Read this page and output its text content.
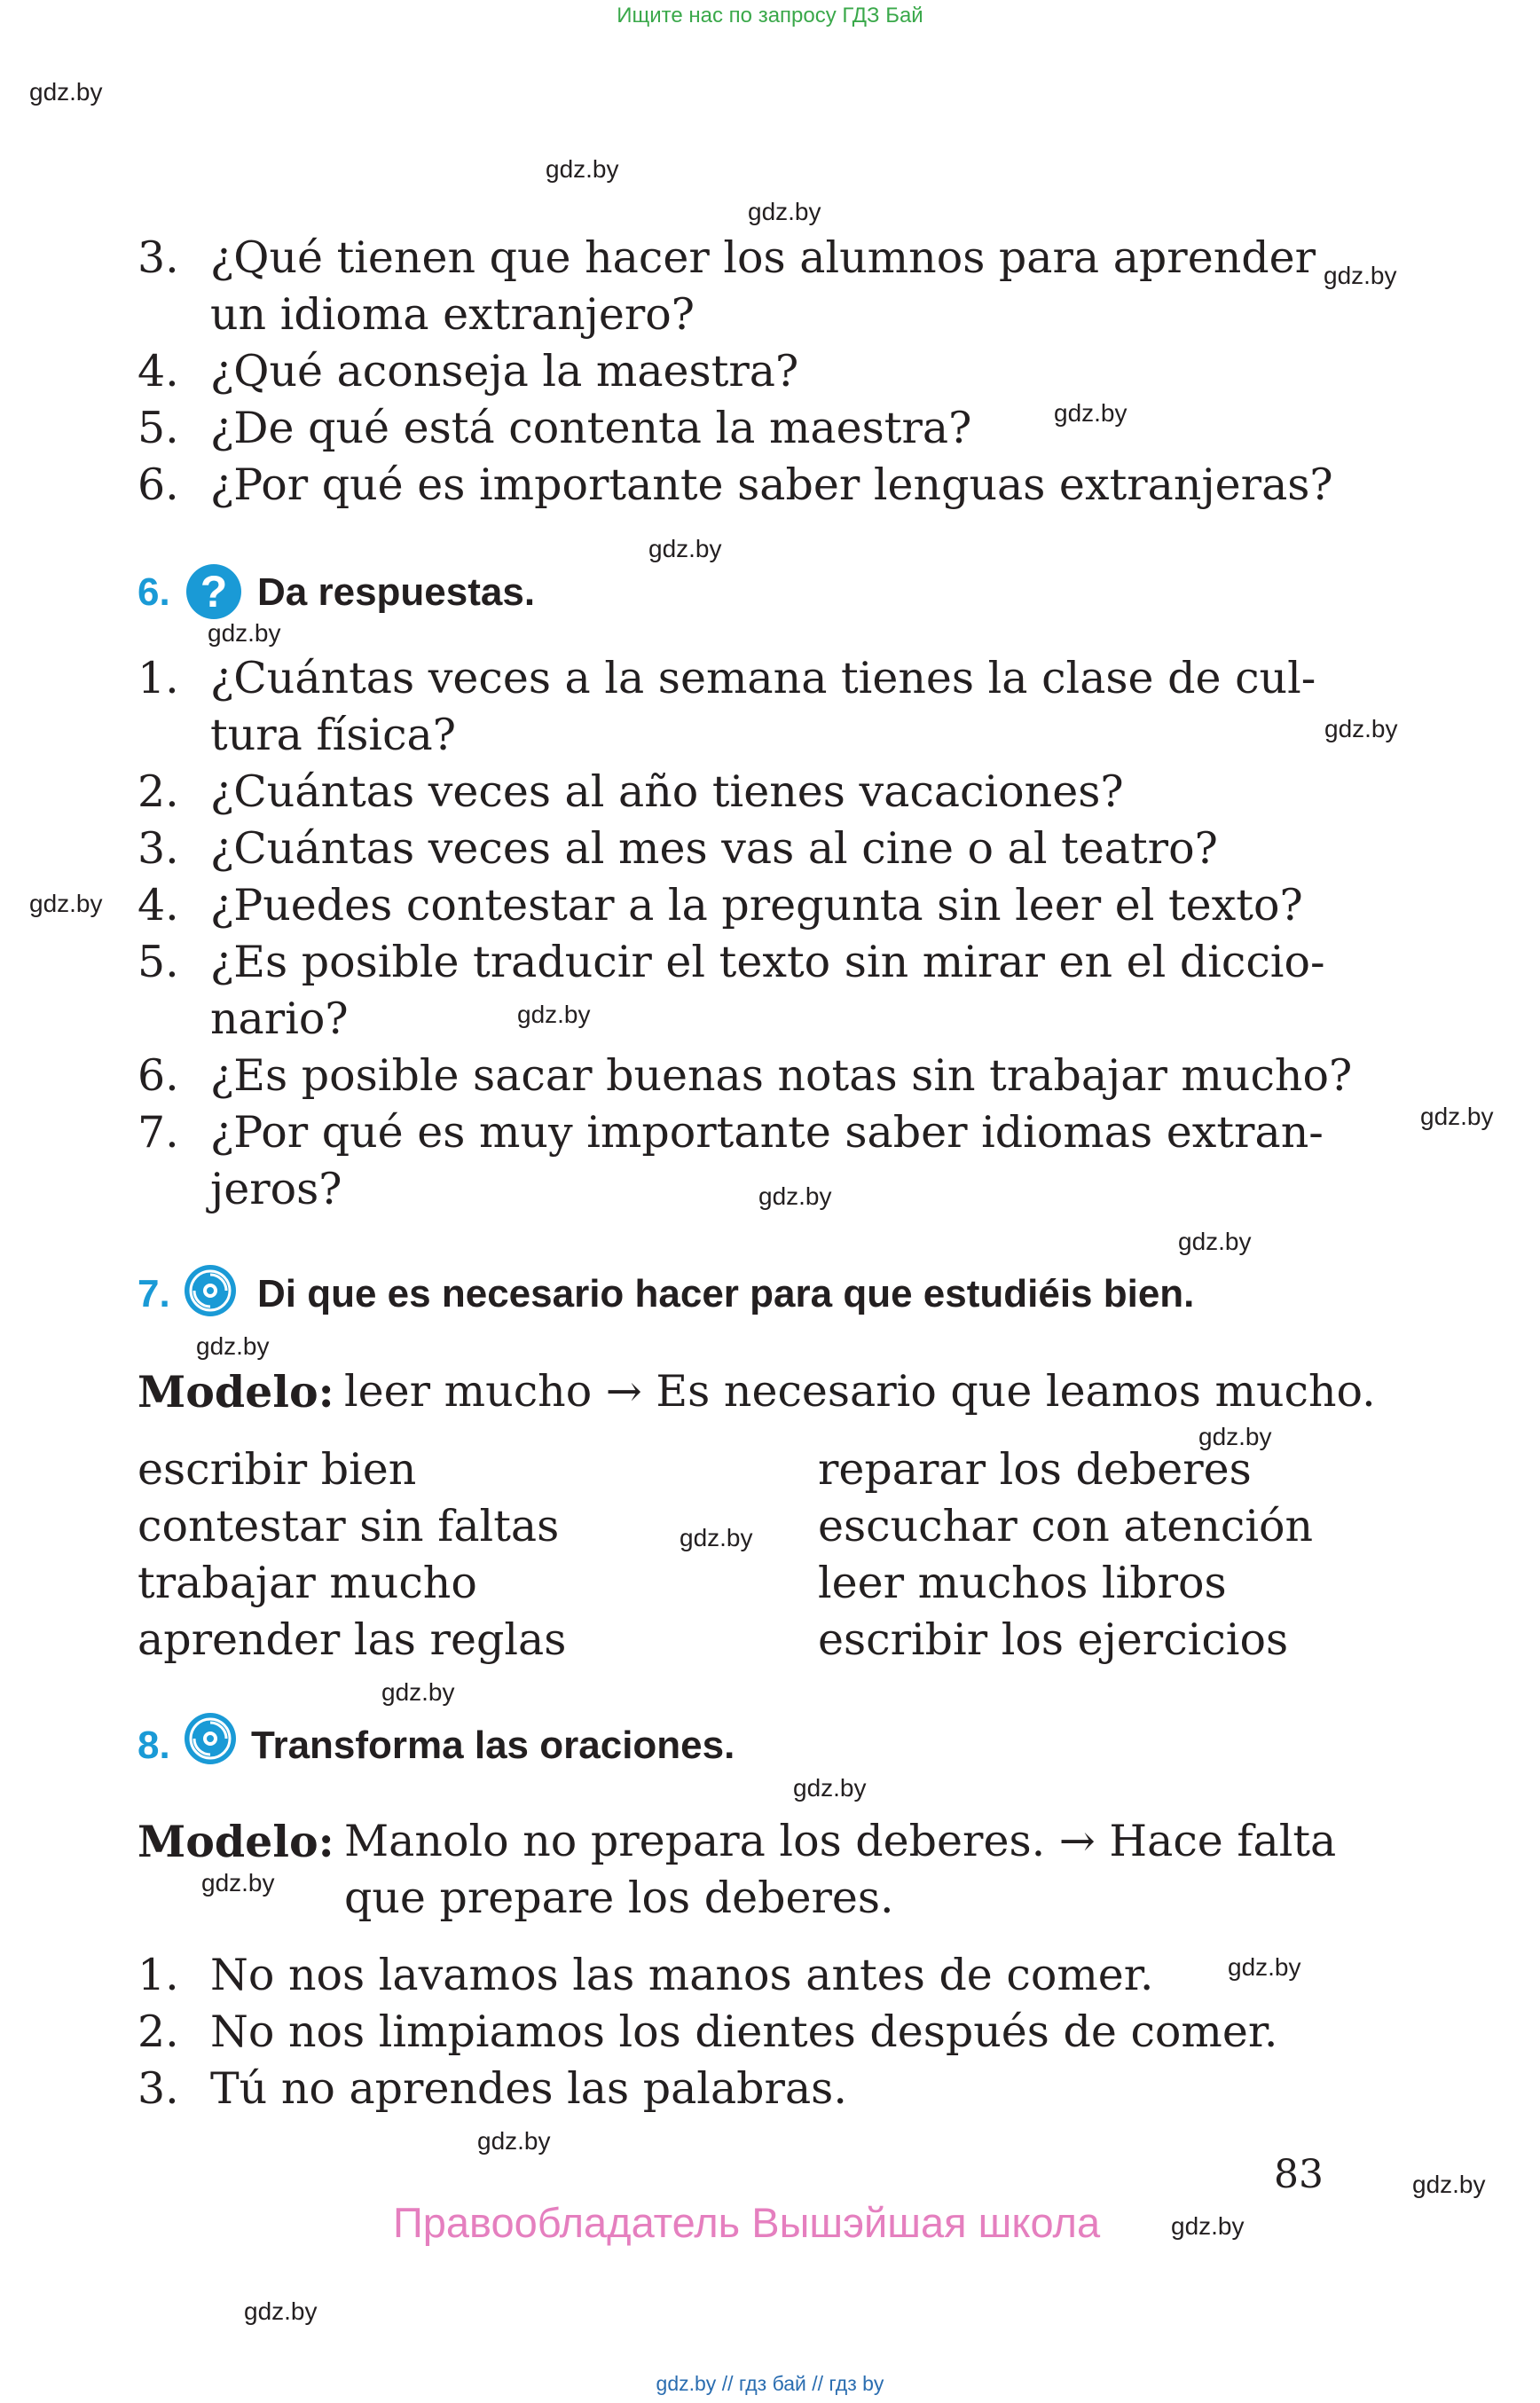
Ищите нас по запросу ГДЗ Бай
gdz.by
gdz.by
gdz.by
gdz.by
gdz.by
gdz.by
gdz.by
gdz.by
gdz.by
gdz.by
gdz.by
gdz.by
gdz.by
gdz.by
gdz.by
gdz.by
gdz.by
gdz.by
gdz.by
gdz.by
gdz.by
gdz.by
gdz.by
gdz.by
3. ¿Qué tienen que hacer los alumnos para aprender
un idioma extranjero?
4. ¿Qué aconseja la maestra?
5. ¿De qué está contenta la maestra?
6. ¿Por qué es importante saber lenguas extranjeras?
6. ? Da respuestas.
1. ¿Cuántas veces a la semana tienes la clase de cul-
tura física?
2. ¿Cuántas veces al año tienes vacaciones?
3. ¿Cuántas veces al mes vas al cine o al teatro?
4. ¿Puedes contestar a la pregunta sin leer el texto?
5. ¿Es posible traducir el texto sin mirar en el diccio-
nario?
6. ¿Es posible sacar buenas notas sin trabajar mucho?
7. ¿Por qué es muy importante saber idiomas extran-
jeros?
7. Di que es necesario hacer para que estudiéis bien.
Modelo: leer mucho → Es necesario que leamos mucho.
escribir bien
contestar sin faltas
trabajar mucho
aprender las reglas
reparar los deberes
escuchar con atención
leer muchos libros
escribir los ejercicios
8. Transforma las oraciones.
Modelo: Manolo no prepara los deberes. → Hace falta
que prepare los deberes.
1. No nos lavamos las manos antes de comer.
2. No nos limpiamos los dientes después de comer.
3. Tú no aprendes las palabras.
83
Правообладатель Вышэйшая школа
gdz.by // гдз бай // гдз by
